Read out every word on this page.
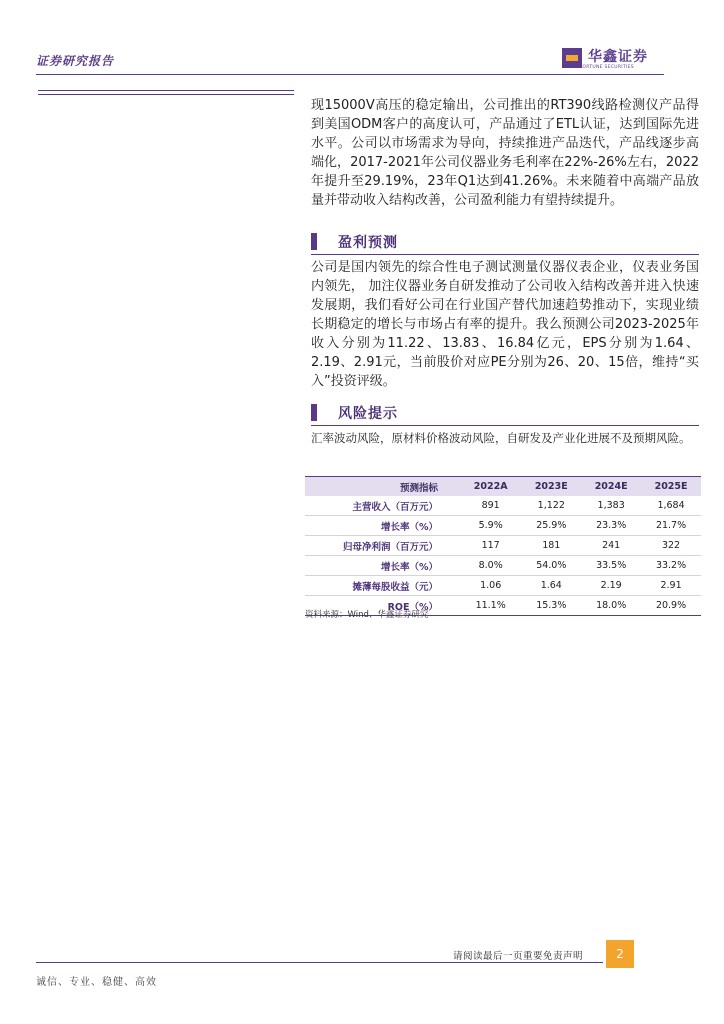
证券研究报告	华鑫证券
CHINA FORTUNE SECURITIES

现15000V高压的稳定输出，公司推出的RT390线路检测仪产品得到美国ODM客户的高度认可，产品通过了ETL认证，达到国际先进水平。公司以市场需求为导向，持续推进产品迭代，产品线逐步高端化，2017-2021年公司仪器业务毛利率在22%-26%左右，2022年提升至29.19%，23年Q1达到41.26%。未来随着中高端产品放量并带动收入结构改善，公司盈利能力有望持续提升。

盈利预测

公司是国内领先的综合性电子测试测量仪器仪表企业，仪表业务国内领先， 加注仪器业务自研发推动了公司收入结构改善并进入快速发展期，我们看好公司在行业国产替代加速趋势推动下，实现业绩长期稳定的增长与市场占有率的提升。我么预测公司2023-2025年收入分别为11.22、13.83、16.84亿元，EPS分别为1.64、2.19、2.91元，当前股价对应PE分别为26、20、15倍，维持“买入”投资评级。

风险提示

汇率波动风险，原材料价格波动风险，自研发及产业化进展不及预期风险。

预测指标	2022A	2023E	2024E	2025E
主营收入（百万元）	891	1,122	1,383	1,684
增长率（%）	5.9%	25.9%	23.3%	21.7%
归母净利润（百万元）	117	181	241	322
增长率（%）	8.0%	54.0%	33.5%	33.2%
摊薄每股收益（元）	1.06	1.64	2.19	2.91
ROE（%）	11.1%	15.3%	18.0%	20.9%
资料来源：Wind、华鑫证券研究
请阅读最后一页重要免责声明	2
诚信、专业、稳健、高效
